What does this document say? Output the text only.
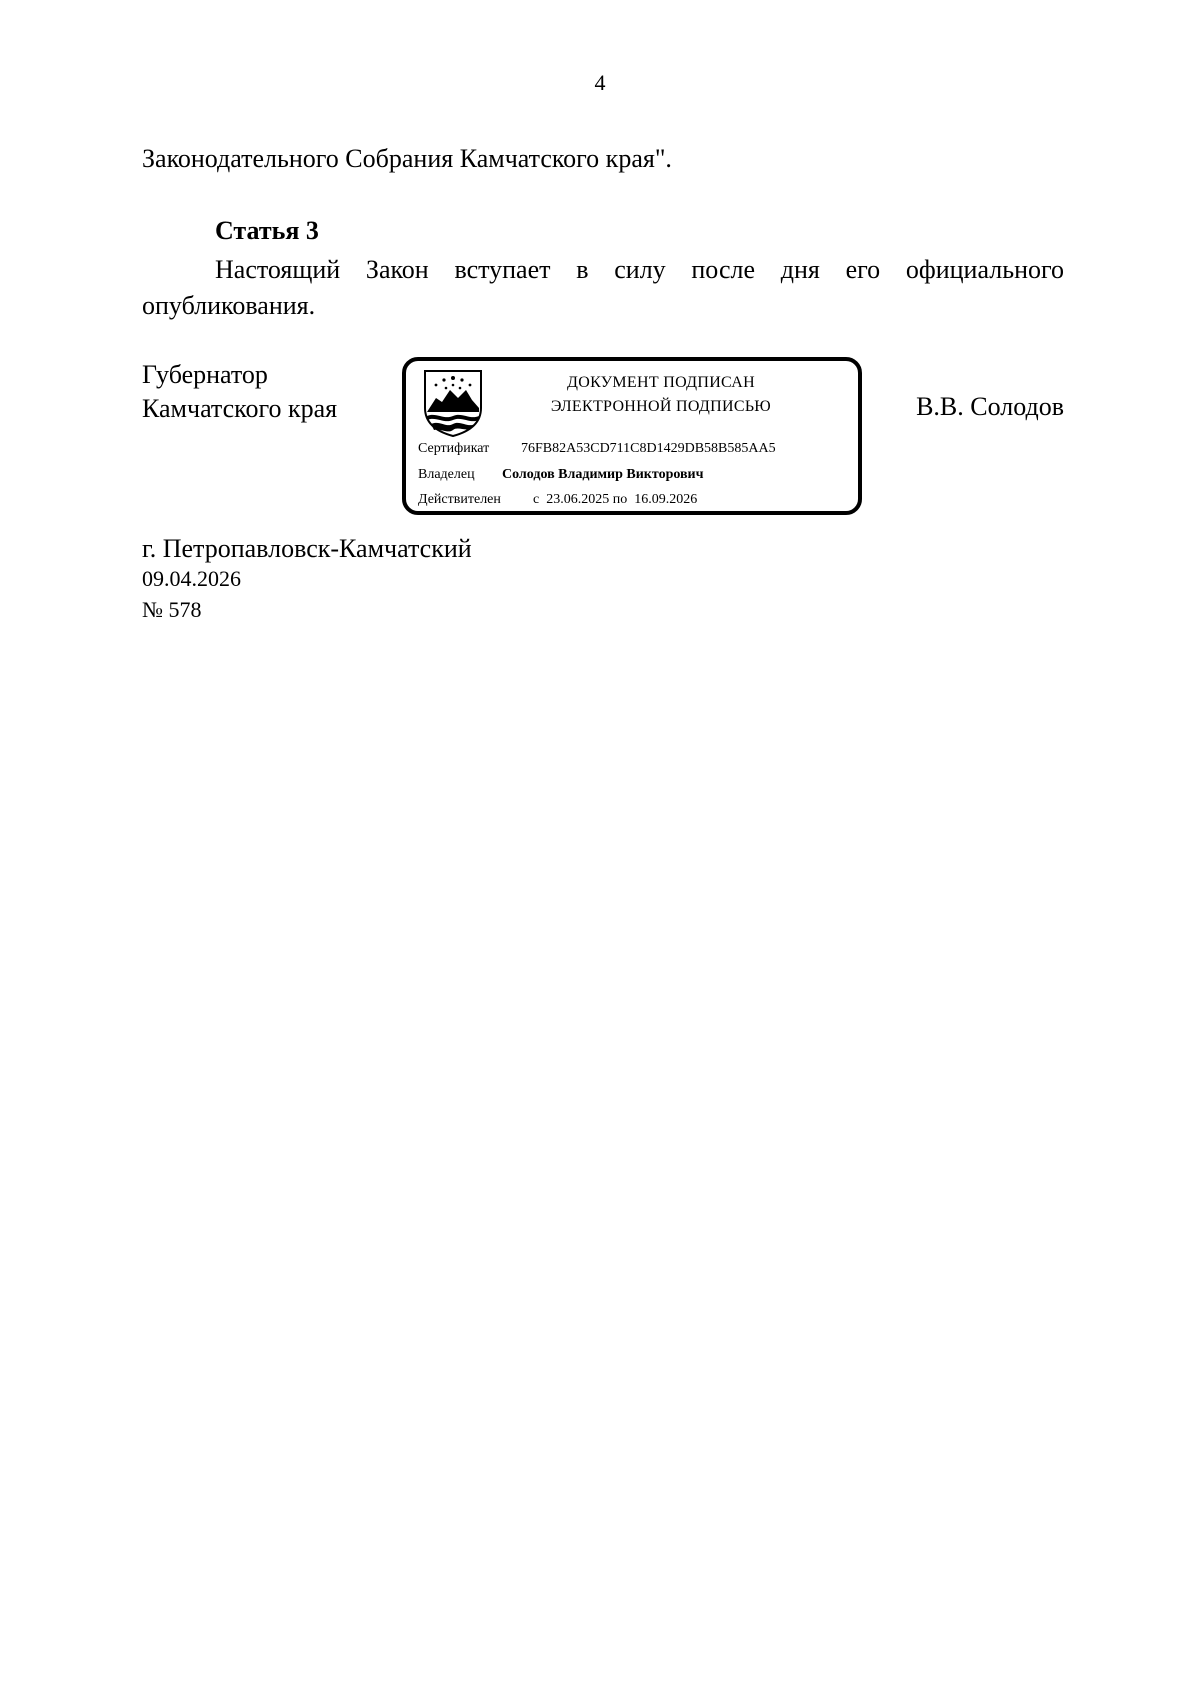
4
Законодательного Собрания Камчатского края".
Статья 3
Настоящий Закон вступает в силу после дня его официального опубликования.
Губернатор
Камчатского края
ДОКУМЕНТ ПОДПИСАН
ЭЛЕКТРОННОЙ ПОДПИСЬЮ
Сертификат 76FB82A53CD711C8D1429DB58B585AA5
Владелец Солодов Владимир Викторович
Действителен с  23.06.2025 по  16.09.2026
В.В. Солодов
г. Петропавловск-Камчатский
09.04.2026
№ 578
